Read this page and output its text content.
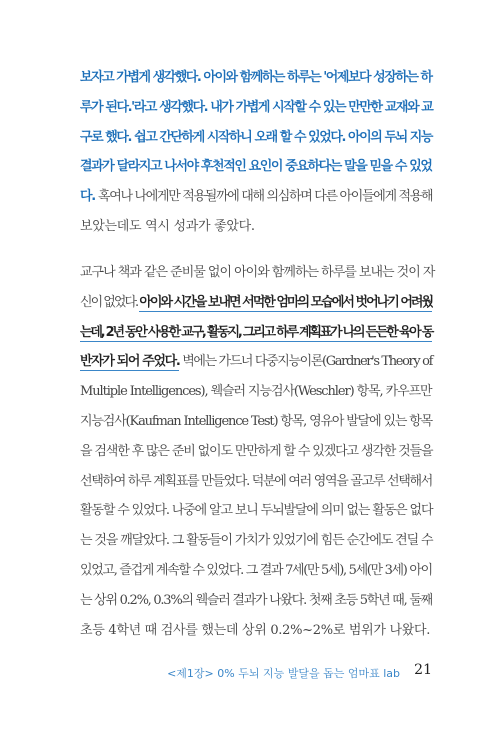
보자고 가볍게 생각했다. 아이와 함께하는 하루는 '어제보다 성장하는 하
루가 된다.'라고 생각했다. 내가 가볍게 시작할 수 있는 만만한 교재와 교
구로 했다. 쉽고 간단하게 시작하니 오래 할 수 있었다. 아이의 두뇌 지능
결과가 달라지고 나서야 후천적인 요인이 중요하다는 말을 믿을 수 있었
다. 혹여나 나에게만 적용될까에 대해 의심하며 다른 아이들에게 적용해
보았는데도 역시 성과가 좋았다.
교구나 책과 같은 준비물 없이 아이와 함께하는 하루를 보내는 것이 자
신이 없었다. 아이와 시간을 보내면 서먹한 엄마의 모습에서 벗어나기 어려웠
는데, 2년 동안 사용한 교구, 활동지, 그리고 하루 계획표가 나의 든든한 육아 동
반자가 되어 주었다. 벽에는 가드너 다중지능이론(Gardner's Theory of
Multiple Intelligences), 웩슬러 지능검사(Weschler) 항목, 카우프만
지능검사(Kaufman Intelligence Test) 항목, 영유아 발달에 있는 항목
을 검색한 후 많은 준비 없이도 만만하게 할 수 있겠다고 생각한 것들을
선택하여 하루 계획표를 만들었다. 덕분에 여러 영역을 골고루 선택해서
활동할 수 있었다. 나중에 알고 보니 두뇌발달에 의미 없는 활동은 없다
는 것을 깨달았다. 그 활동들이 가치가 있었기에 힘든 순간에도 견딜 수
있었고, 즐겁게 계속할 수 있었다. 그 결과 7세(만 5세), 5세(만 3세) 아이
는 상위 0.2%, 0.3%의 웩슬러 결과가 나왔다. 첫째 초등 5학년 때, 둘째
초등 4학년 때 검사를 했는데 상위 0.2%~2%로 범위가 나왔다.
<제1장> 0% 두뇌 지능 발달을 돕는 엄마표 lab 21
